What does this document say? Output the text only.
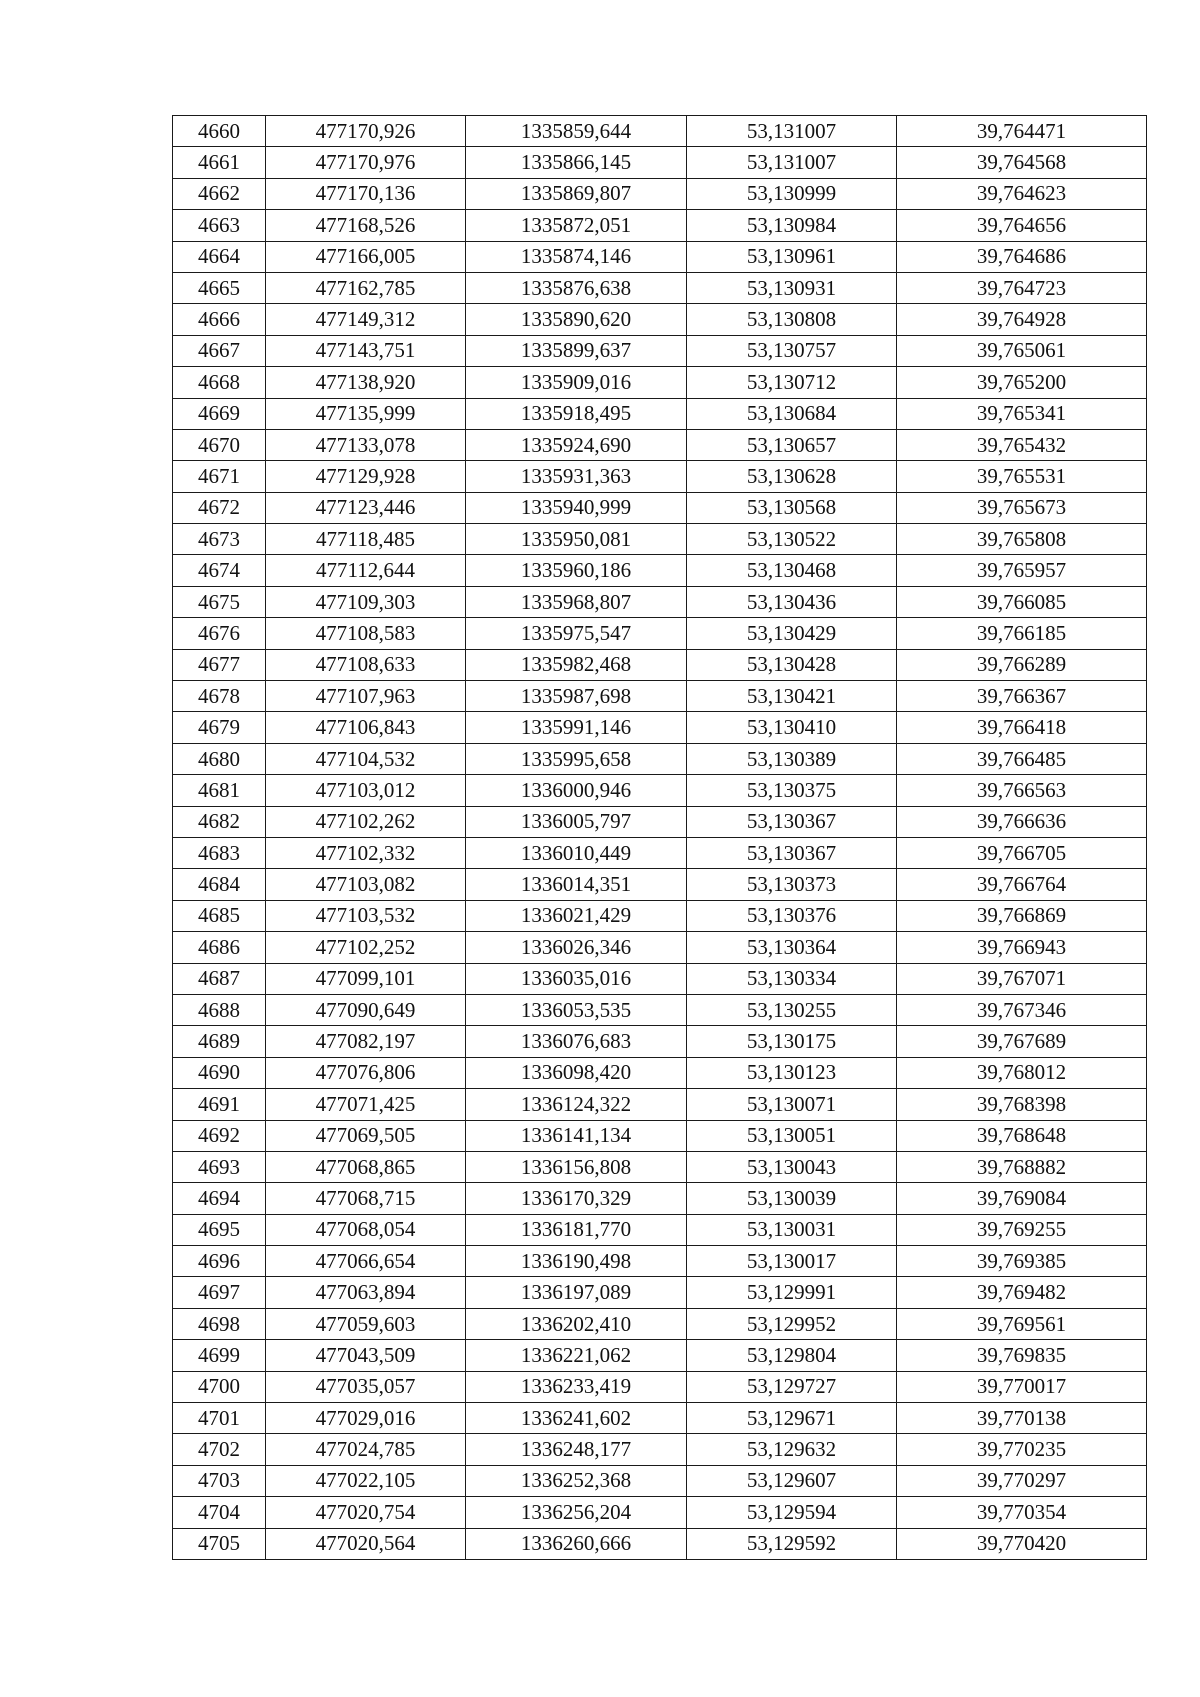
4660	477170,926	1335859,644	53,131007	39,764471
4661	477170,976	1335866,145	53,131007	39,764568
4662	477170,136	1335869,807	53,130999	39,764623
4663	477168,526	1335872,051	53,130984	39,764656
4664	477166,005	1335874,146	53,130961	39,764686
4665	477162,785	1335876,638	53,130931	39,764723
4666	477149,312	1335890,620	53,130808	39,764928
4667	477143,751	1335899,637	53,130757	39,765061
4668	477138,920	1335909,016	53,130712	39,765200
4669	477135,999	1335918,495	53,130684	39,765341
4670	477133,078	1335924,690	53,130657	39,765432
4671	477129,928	1335931,363	53,130628	39,765531
4672	477123,446	1335940,999	53,130568	39,765673
4673	477118,485	1335950,081	53,130522	39,765808
4674	477112,644	1335960,186	53,130468	39,765957
4675	477109,303	1335968,807	53,130436	39,766085
4676	477108,583	1335975,547	53,130429	39,766185
4677	477108,633	1335982,468	53,130428	39,766289
4678	477107,963	1335987,698	53,130421	39,766367
4679	477106,843	1335991,146	53,130410	39,766418
4680	477104,532	1335995,658	53,130389	39,766485
4681	477103,012	1336000,946	53,130375	39,766563
4682	477102,262	1336005,797	53,130367	39,766636
4683	477102,332	1336010,449	53,130367	39,766705
4684	477103,082	1336014,351	53,130373	39,766764
4685	477103,532	1336021,429	53,130376	39,766869
4686	477102,252	1336026,346	53,130364	39,766943
4687	477099,101	1336035,016	53,130334	39,767071
4688	477090,649	1336053,535	53,130255	39,767346
4689	477082,197	1336076,683	53,130175	39,767689
4690	477076,806	1336098,420	53,130123	39,768012
4691	477071,425	1336124,322	53,130071	39,768398
4692	477069,505	1336141,134	53,130051	39,768648
4693	477068,865	1336156,808	53,130043	39,768882
4694	477068,715	1336170,329	53,130039	39,769084
4695	477068,054	1336181,770	53,130031	39,769255
4696	477066,654	1336190,498	53,130017	39,769385
4697	477063,894	1336197,089	53,129991	39,769482
4698	477059,603	1336202,410	53,129952	39,769561
4699	477043,509	1336221,062	53,129804	39,769835
4700	477035,057	1336233,419	53,129727	39,770017
4701	477029,016	1336241,602	53,129671	39,770138
4702	477024,785	1336248,177	53,129632	39,770235
4703	477022,105	1336252,368	53,129607	39,770297
4704	477020,754	1336256,204	53,129594	39,770354
4705	477020,564	1336260,666	53,129592	39,770420
